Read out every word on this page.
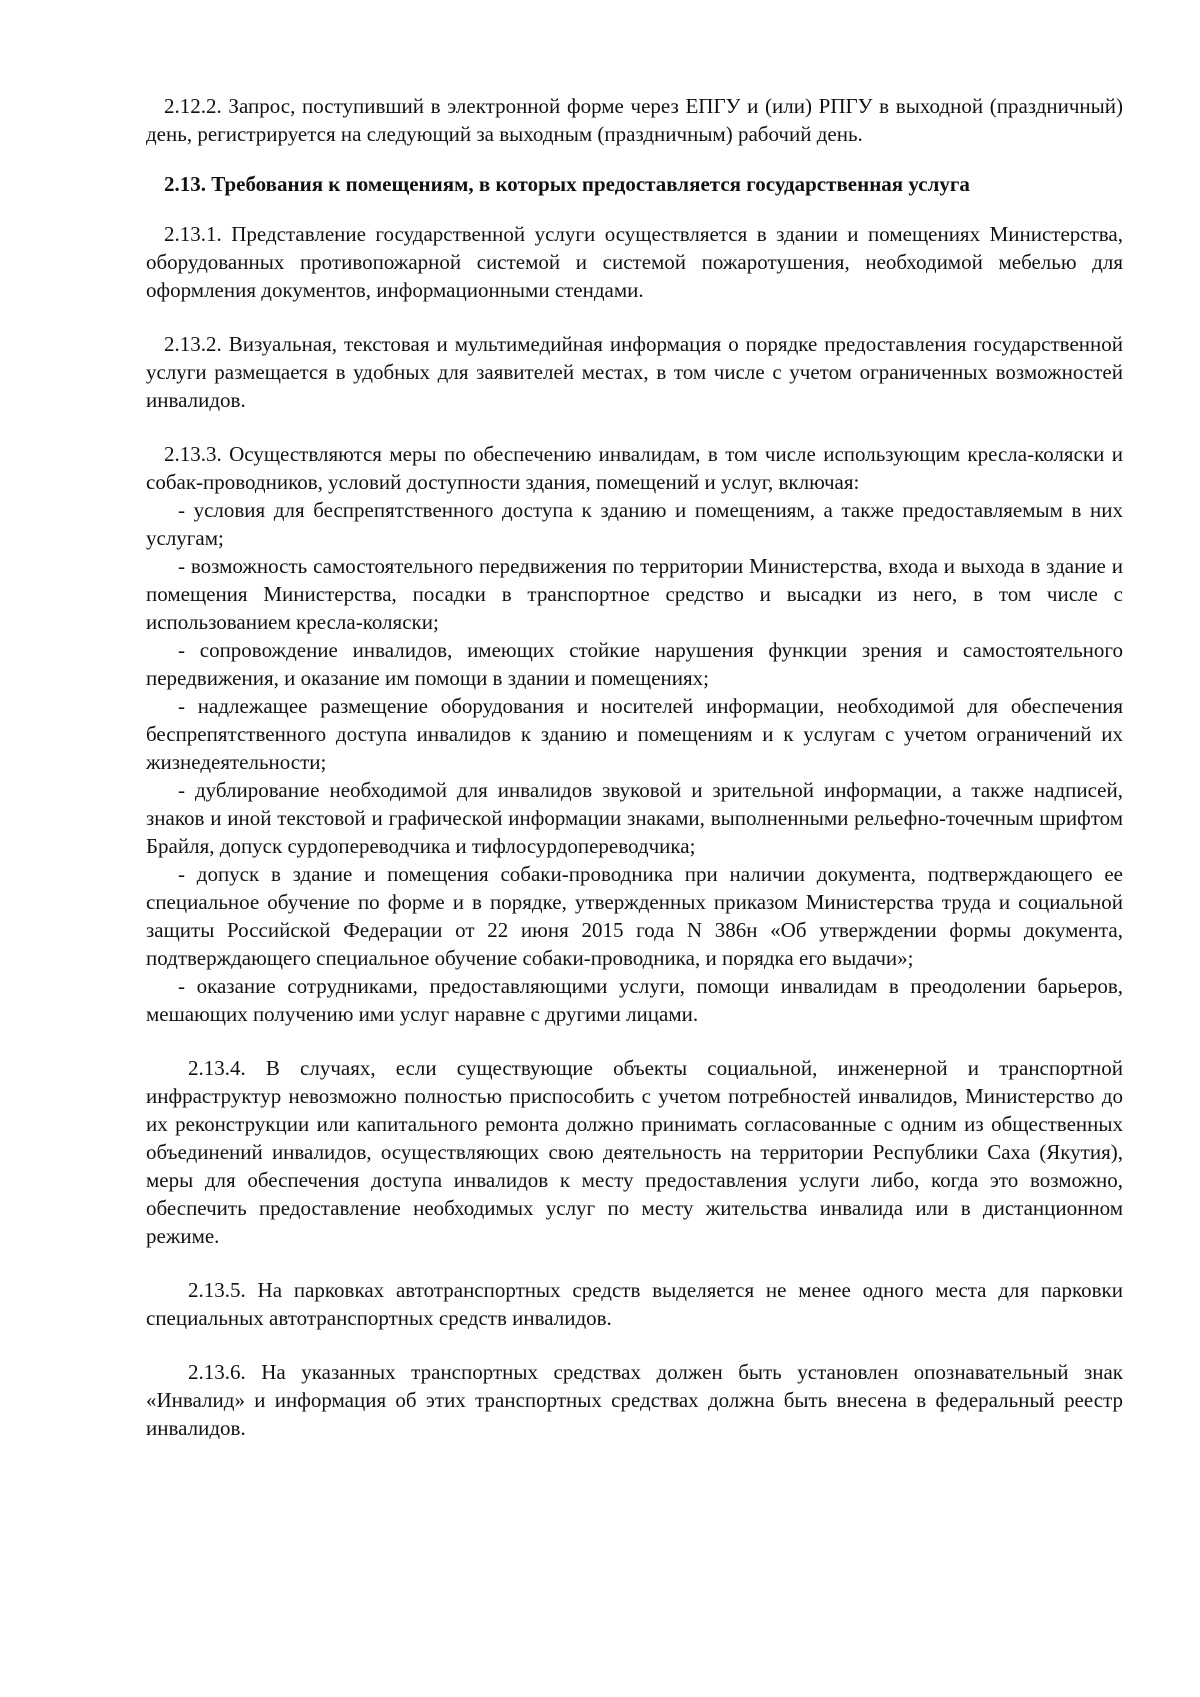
2.12.2. Запрос, поступивший в электронной форме через ЕПГУ и (или) РПГУ в выходной (праздничный) день, регистрируется на следующий за выходным (праздничным) рабочий день.

2.13. Требования к помещениям, в которых предоставляется государственная услуга

2.13.1. Представление государственной услуги осуществляется в здании и помещениях Министерства, оборудованных противопожарной системой и системой пожаротушения, необходимой мебелью для оформления документов, информационными стендами.

2.13.2. Визуальная, текстовая и мультимедийная информация о порядке предоставления государственной услуги размещается в удобных для заявителей местах, в том числе с учетом ограниченных возможностей инвалидов.

2.13.3. Осуществляются меры по обеспечению инвалидам, в том числе использующим кресла-коляски и собак-проводников, условий доступности здания, помещений и услуг, включая:

- условия для беспрепятственного доступа к зданию и помещениям, а также предоставляемым в них услугам;

- возможность самостоятельного передвижения по территории Министерства, входа и выхода в здание и помещения Министерства, посадки в транспортное средство и высадки из него, в том числе с использованием кресла-коляски;

- сопровождение инвалидов, имеющих стойкие нарушения функции зрения и самостоятельного передвижения, и оказание им помощи в здании и помещениях;

- надлежащее размещение оборудования и носителей информации, необходимой для обеспечения беспрепятственного доступа инвалидов к зданию и помещениям и к услугам с учетом ограничений их жизнедеятельности;

- дублирование необходимой для инвалидов звуковой и зрительной информации, а также надписей, знаков и иной текстовой и графической информации знаками, выполненными рельефно-точечным шрифтом Брайля, допуск сурдопереводчика и тифлосурдопереводчика;

- допуск в здание и помещения собаки-проводника при наличии документа, подтверждающего ее специальное обучение по форме и в порядке, утвержденных приказом Министерства труда и социальной защиты Российской Федерации от 22 июня 2015 года N 386н «Об утверждении формы документа, подтверждающего специальное обучение собаки-проводника, и порядка его выдачи»;

- оказание сотрудниками, предоставляющими услуги, помощи инвалидам в преодолении барьеров, мешающих получению ими услуг наравне с другими лицами.

2.13.4. В случаях, если существующие объекты социальной, инженерной и транспортной инфраструктур невозможно полностью приспособить с учетом потребностей инвалидов, Министерство до их реконструкции или капитального ремонта должно принимать согласованные с одним из общественных объединений инвалидов, осуществляющих свою деятельность на территории Республики Саха (Якутия), меры для обеспечения доступа инвалидов к месту предоставления услуги либо, когда это возможно, обеспечить предоставление необходимых услуг по месту жительства инвалида или в дистанционном режиме.

2.13.5. На парковках автотранспортных средств выделяется не менее одного места для парковки специальных автотранспортных средств инвалидов.

2.13.6. На указанных транспортных средствах должен быть установлен опознавательный знак «Инвалид» и информация об этих транспортных средствах должна быть внесена в федеральный реестр инвалидов.
